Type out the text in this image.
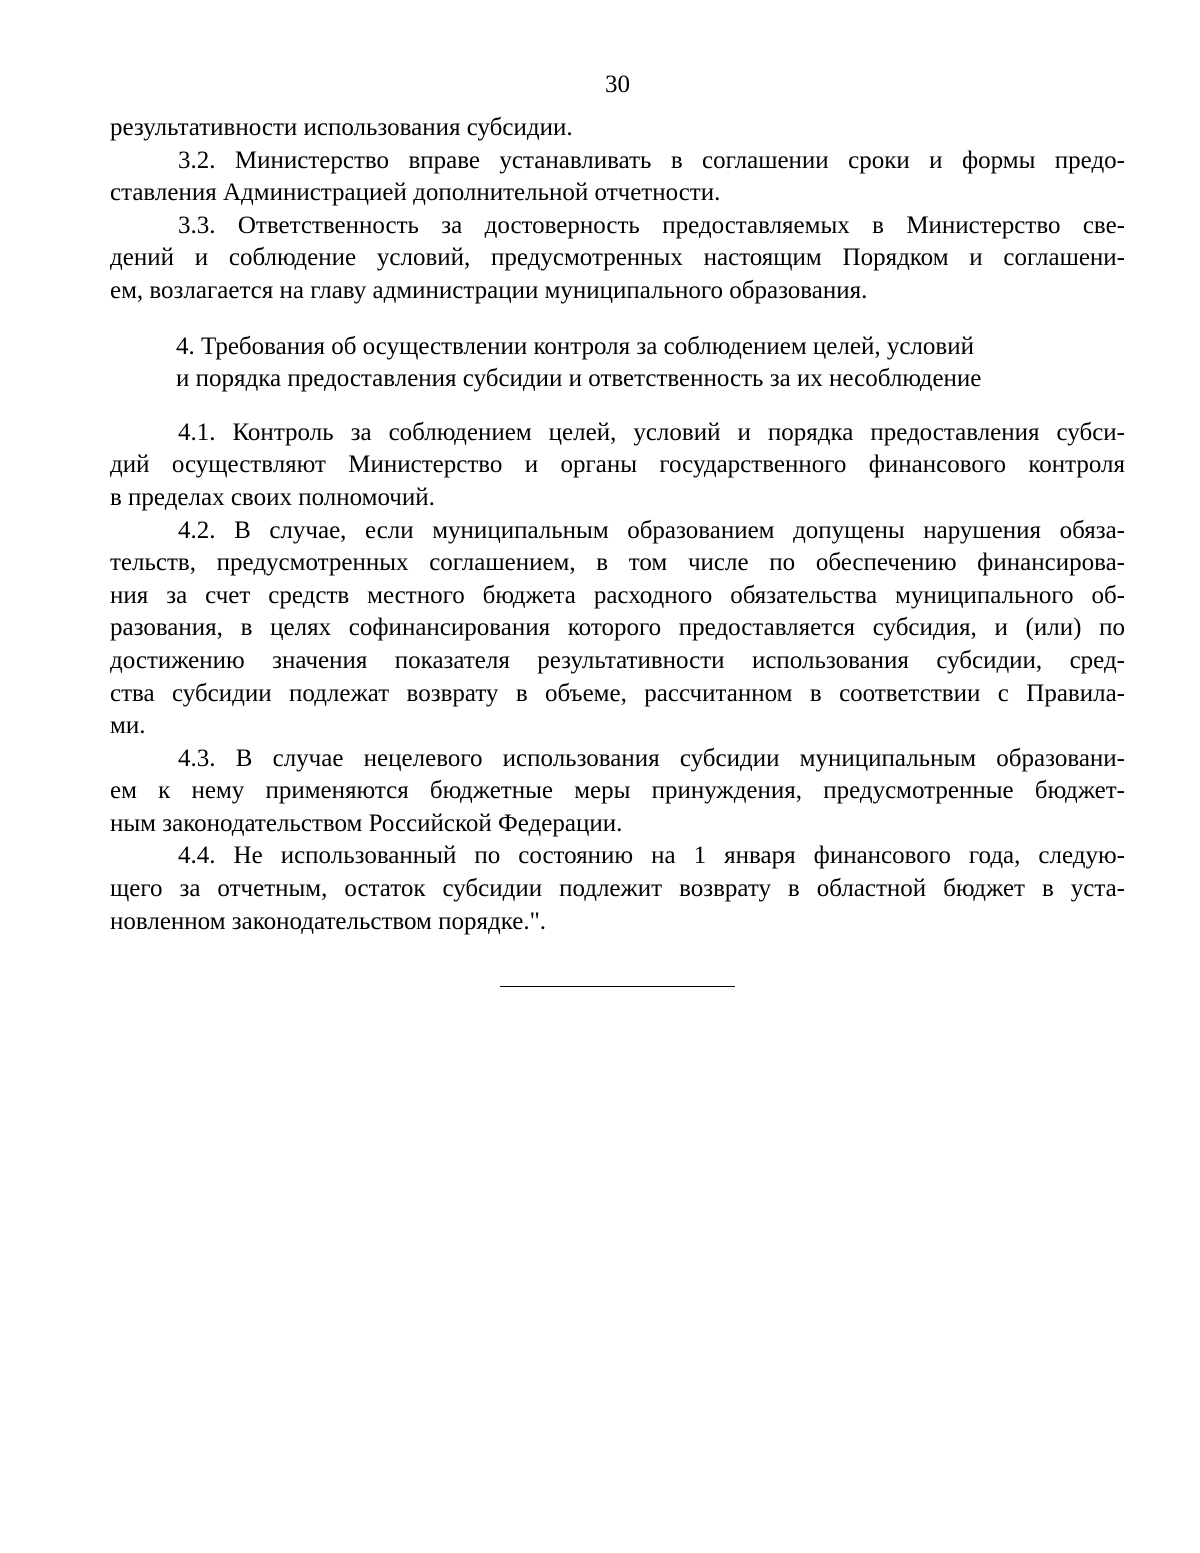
30
результативности использования субсидии.
3.2. Министерство вправе устанавливать в соглашении сроки и формы предо-
ставления Администрацией дополнительной отчетности.
3.3. Ответственность за достоверность предоставляемых в Министерство све-
дений и соблюдение условий, предусмотренных настоящим Порядком и соглашени-
ем, возлагается на главу администрации муниципального образования.
4. Требования об осуществлении контроля за соблюдением целей, условий
и порядка предоставления субсидии и ответственность за их несоблюдение
4.1. Контроль за соблюдением целей, условий и порядка предоставления субси-
дий осуществляют Министерство и органы государственного финансового контроля
в пределах своих полномочий.
4.2. В случае, если муниципальным образованием допущены нарушения обяза-
тельств, предусмотренных соглашением, в том числе по обеспечению финансирова-
ния за счет средств местного бюджета расходного обязательства муниципального об-
разования, в целях софинансирования которого предоставляется субсидия, и (или) по
достижению значения показателя результативности использования субсидии, сред-
ства субсидии подлежат возврату в объеме, рассчитанном в соответствии с Правила-
ми.
4.3. В случае нецелевого использования субсидии муниципальным образовани-
ем к нему применяются бюджетные меры принуждения, предусмотренные бюджет-
ным законодательством Российской Федерации.
4.4. Не использованный по состоянию на 1 января финансового года, следую-
щего за отчетным, остаток субсидии подлежит возврату в областной бюджет в уста-
новленном законодательством порядке.".
